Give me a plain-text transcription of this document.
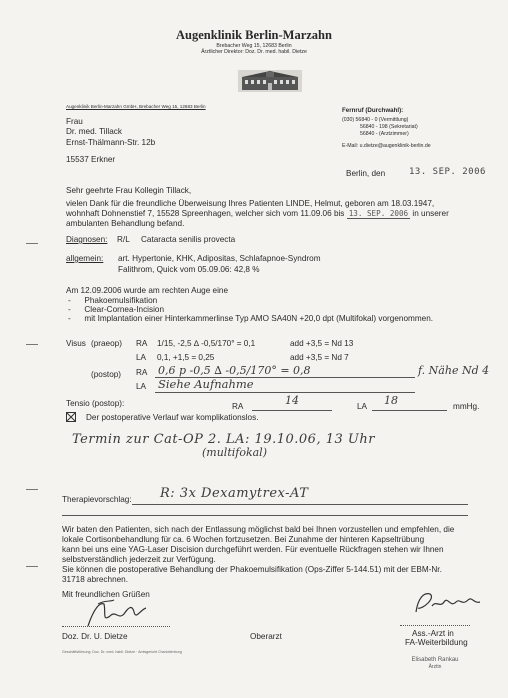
Augenklinik Berlin-Marzahn
Brebacher Weg 15, 12683 Berlin
Ärztlicher Direktor: Doz. Dr. med. habil. Dietze
Augenklinik Berlin-Marzahn GmbH, Brebacher Weg 15, 12683 Berlin
Frau
Dr. med. Tillack
Ernst-Thälmann-Str. 12b
15537 Erkner
Fernruf (Durchwahl):
(030) 56840 - 0 (Vermittlung)
56840 - 198 (Sekretariat)
56840 - (Arztzimmer)
E-Mail: u.dietze@augenklinik-berlin.de
Berlin, den	13. SEP. 2006
Sehr geehrte Frau Kollegin Tillack,
vielen Dank für die freundliche Überweisung Ihres Patienten LINDE, Helmut, geboren am 18.03.1947,
wohnhaft Dohnenstief 7, 15528 Spreenhagen, welcher sich vom 11.09.06 bis 13. SEP. 2006 in unserer
ambulanten Behandlung befand.
Diagnosen: R/L Cataracta senilis provecta
allgemein: art. Hypertonie, KHK, Adipositas, Schlafapnoe-Syndrom
Falithrom, Quick vom 05.09.06: 42,8 %
Am 12.09.2006 wurde am rechten Auge eine
-      Phakoemulsifikation
-      Clear-Cornea-Incision
-      mit Implantation einer Hinterkammerlinse Typ AMO SA40N +20,0 dpt (Multifokal) vorgenommen.
Visus (praeop) RA 1/15, -2,5 ∆ -0,5/170° = 0,1	add +3,5 = Nd 13
LA 0,1, +1,5 = 0,25	add +3,5 = Nd 7
(postop) RA 0,6 p -0,5 ∆ -0,5/170° = 0,8	f. Nähe Nd 4
LA Siehe Aufnahme
Tensio (postop):	RA	14	LA 18	mmHg.
Der postoperative Verlauf war komplikationslos.
Termin zur Cat-OP 2. LA: 19.10.06, 13 Uhr
(multifokal)
Therapievorschlag: R: 3x Dexamytrex-AT
Wir baten den Patienten, sich nach der Entlassung möglichst bald bei Ihnen vorzustellen und empfehlen, die
lokale Cortisonbehandlung für ca. 6 Wochen fortzusetzen. Bei Zunahme der hinteren Kapseltrübung
kann bei uns eine YAG-Laser Discision durchgeführt werden. Für eventuelle Rückfragen stehen wir Ihnen
selbstverständlich jederzeit zur Verfügung.
Sie können die postoperative Behandlung der Phakoemulsifikation (Ops-Ziffer 5-144.51) mit der EBM-Nr.
31718 abrechnen.
Mit freundlichen Grüßen
Doz. Dr. U. Dietze	Oberarzt	Ass.-Arzt in
FA-Weiterbildung
Elisabeth Rankau
Ärztin
Geschäftsführung: Doz. Dr. med. habil. Dietze · Amtsgericht Charlottenburg
